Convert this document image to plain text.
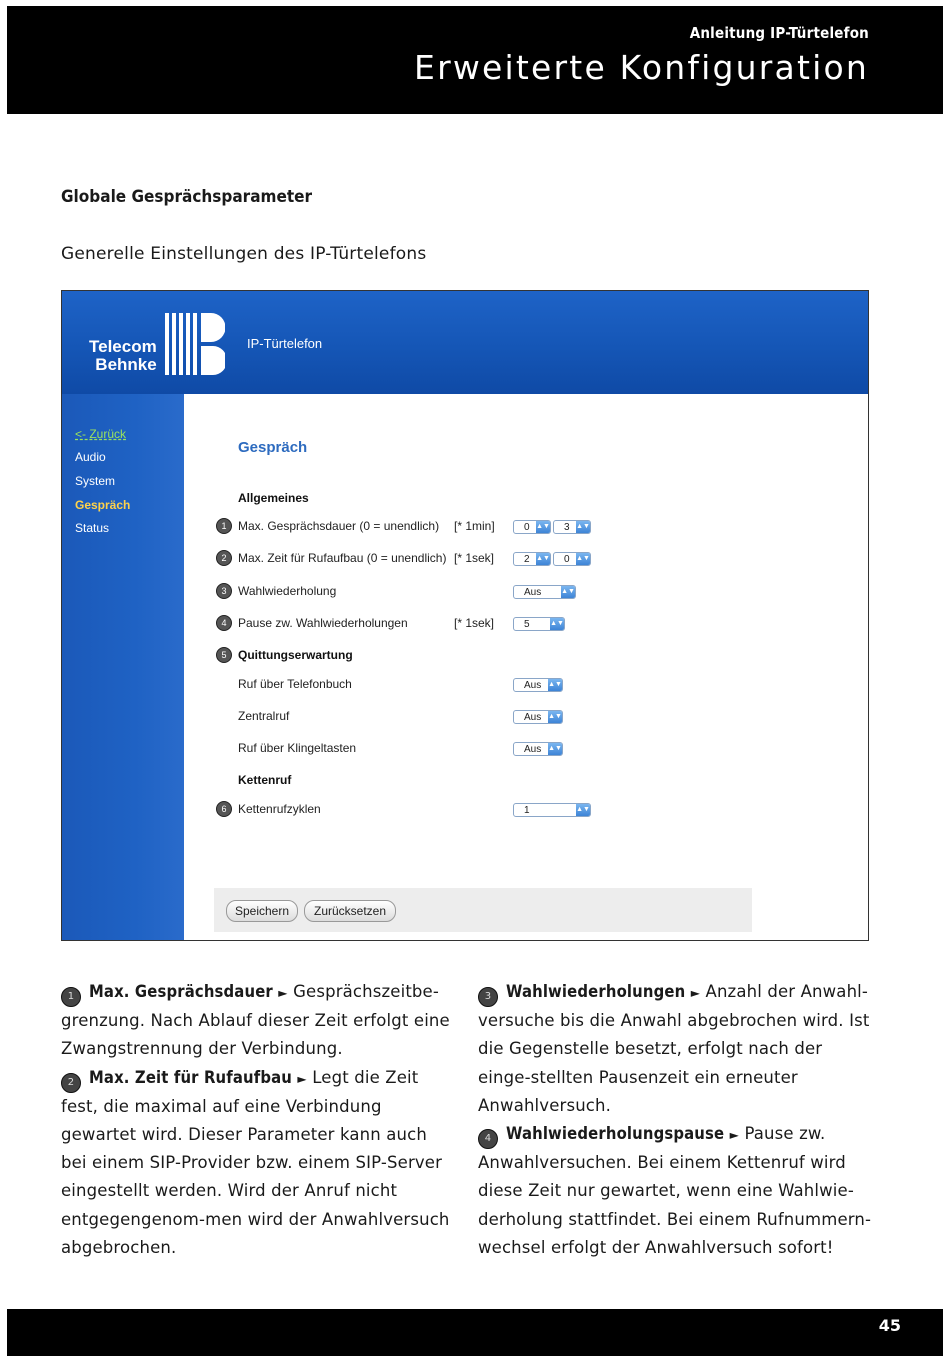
Anleitung IP-Türtelefon
Erweiterte Konfiguration
Globale Gesprächsparameter
Generelle Einstellungen des IP-Türtelefons
Telecom
Behnke
IP-Türtelefon
<- Zurück
Audio
System
Gespräch
Status
Gespräch
Allgemeines
1 Max. Gesprächsdauer (0 = unendlich) [* 1min]	0 ▲▼	3 ▲▼
2 Max. Zeit für Rufaufbau (0 = unendlich) [* 1sek]	2 ▲▼	0 ▲▼
3 Wahlwiederholung	Aus	▲▼
4 Pause zw. Wahlwiederholungen	[* 1sek]	5	▲▼
5 Quittungserwartung
Ruf über Telefonbuch	Aus ▲▼
Zentralruf	Aus ▲▼
Ruf über Klingeltasten	Aus ▲▼
Kettenruf
6 Kettenrufzyklen	1	▲▼
Speichern	Zurücksetzen
1 Max. Gesprächsdauer ► Gesprächszeitbe-grenzung. Nach Ablauf dieser Zeit erfolgt eine Zwangstrennung der Verbindung.
2 Max. Zeit für Rufaufbau ► Legt die Zeit fest, die maximal auf eine Verbindung gewartet wird. Dieser Parameter kann auch bei einem SIP-Provider bzw. einem SIP-Server eingestellt werden. Wird der Anruf nicht entgegengenom-men wird der Anwahlversuch abgebrochen.
3 Wahlwiederholungen ► Anzahl der Anwahl-versuche bis die Anwahl abgebrochen wird. Ist die Gegenstelle besetzt, erfolgt nach der einge-stellten Pausenzeit ein erneuter Anwahlversuch.
4 Wahlwiederholungspause ► Pause zw. Anwahlversuchen. Bei einem Kettenruf wird diese Zeit nur gewartet, wenn eine Wahlwie-derholung stattfindet. Bei einem Rufnummern-wechsel erfolgt der Anwahlversuch sofort!
45
